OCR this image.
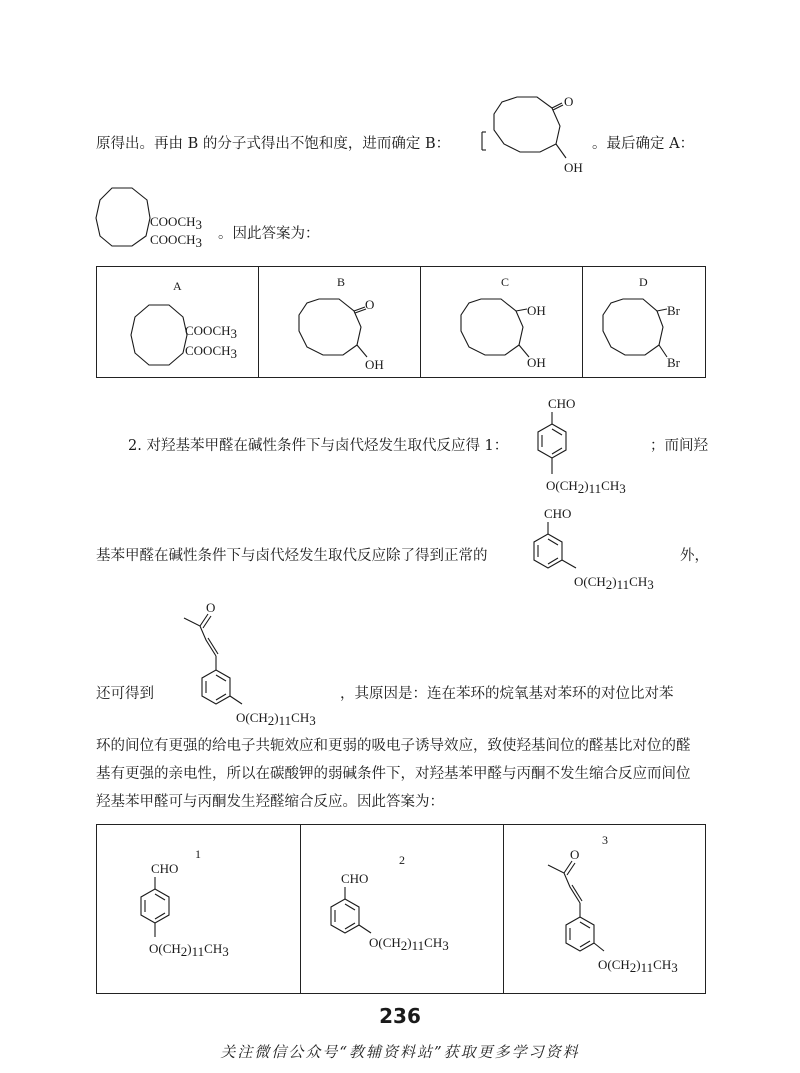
原得出。再由 B 的分子式得出不饱和度，进而确定 B：	。最后确定 A：
。因此答案为：
O
OH
COOCH3
COOCH3
A
COOCH3
COOCH3
B
O
OH
C
OH
OH
D
Br
Br
2. 对羟基苯甲醛在碱性条件下与卤代烃发生取代反应得 1：	；而间羟
CHO
O(CH2)11CH3
基苯甲醛在碱性条件下与卤代烃发生取代反应除了得到正常的	外，
CHO
O(CH2)11CH3
还可得到	，其原因是：连在苯环的烷氧基对苯环的对位比对苯
O
O(CH2)11CH3
环的间位有更强的给电子共轭效应和更弱的吸电子诱导效应，致使羟基间位的醛基比对位的醛基有更强的亲电性，所以在碳酸钾的弱碱条件下，对羟基苯甲醛与丙酮不发生缩合反应而间位羟基苯甲醛可与丙酮发生羟醛缩合反应。因此答案为：
1
CHO
O(CH2)11CH3
2
CHO
O(CH2)11CH3
3
O
O(CH2)11CH3
236
关注微信公众号“教辅资料站”获取更多学习资料
